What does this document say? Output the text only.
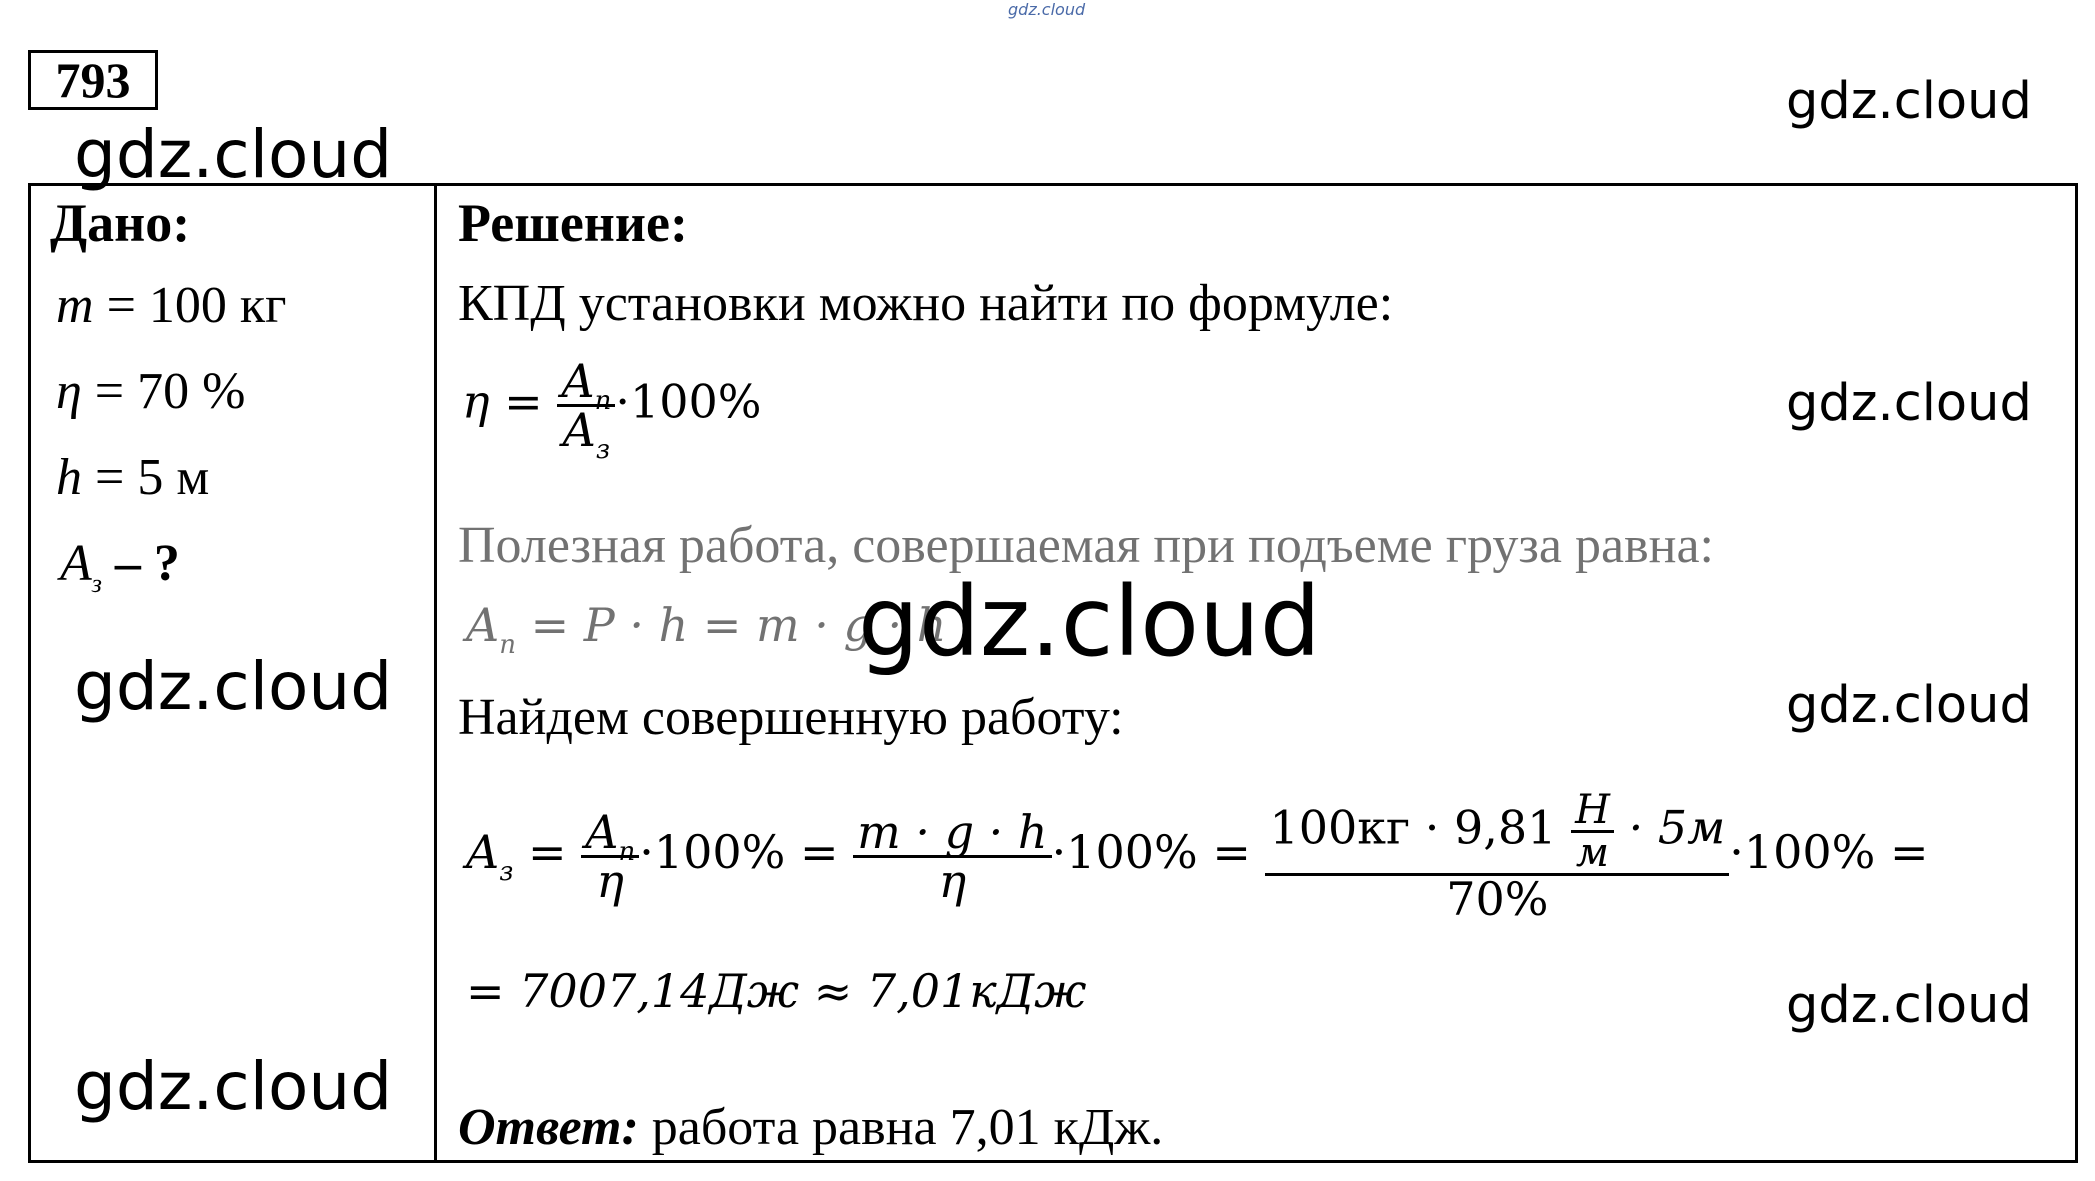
gdz.cloud
793
Дано:
m = 100 кг
η = 70 %
h = 5 м
$A_з$ – ?
Решение:
КПД установки можно найти по формуле:
$\eta = \frac{A_п}{A_з} \cdot 100\%$
Полезная работа, совершаемая при подъеме груза равна:
$A_п = P \cdot h = m \cdot g \cdot h$
Найдем совершенную работу:
$A_з = \frac{A_п}{\eta} \cdot 100\% = \frac{m \cdot g \cdot h}{\eta} \cdot 100\% = 100кг \cdot 9,81 \frac{Н}{м} \cdot 5м$
70%
·100% =
= 7007,14Дж ≈ 7,01кДж
Ответ: работа равна 7,01 кДж.
gdz.cloud
gdz.cloud
gdz.cloud
gdz.cloud
gdz.cloud	gdz.cloud
gdz.cloud
gdz.cloud
